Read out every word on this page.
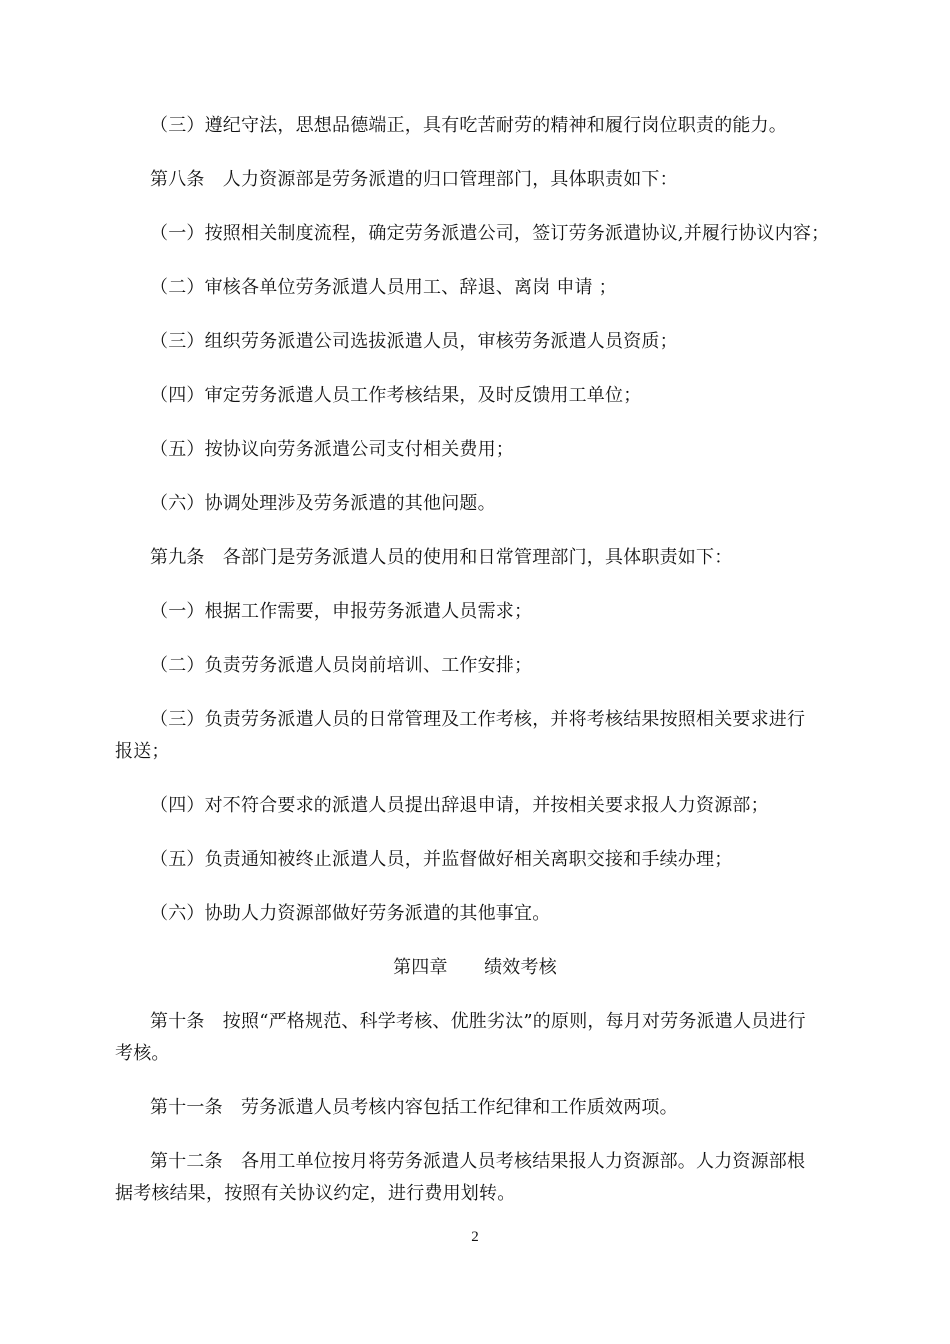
（三）遵纪守法，思想品德端正，具有吃苦耐劳的精神和履行岗位职责的能力。
第八条　人力资源部是劳务派遣的归口管理部门，具体职责如下：
（一）按照相关制度流程，确定劳务派遣公司，签订劳务派遣协议,并履行协议内容；
（二）审核各单位劳务派遣人员用工、辞退、离岗 申请 ；
（三）组织劳务派遣公司选拔派遣人员，审核劳务派遣人员资质；
（四）审定劳务派遣人员工作考核结果，及时反馈用工单位；
（五）按协议向劳务派遣公司支付相关费用；
（六）协调处理涉及劳务派遣的其他问题。
第九条　各部门是劳务派遣人员的使用和日常管理部门，具体职责如下：
（一）根据工作需要，申报劳务派遣人员需求；
（二）负责劳务派遣人员岗前培训、工作安排；
（三）负责劳务派遣人员的日常管理及工作考核，并将考核结果按照相关要求进行
报送；
（四）对不符合要求的派遣人员提出辞退申请，并按相关要求报人力资源部；
（五）负责通知被终止派遣人员，并监督做好相关离职交接和手续办理；
（六）协助人力资源部做好劳务派遣的其他事宜。
第四章　　绩效考核
第十条　按照“严格规范、科学考核、优胜劣汰”的原则，每月对劳务派遣人员进行
考核。
第十一条　劳务派遣人员考核内容包括工作纪律和工作质效两项。
第十二条　各用工单位按月将劳务派遣人员考核结果报人力资源部。人力资源部根
据考核结果，按照有关协议约定，进行费用划转。
2
